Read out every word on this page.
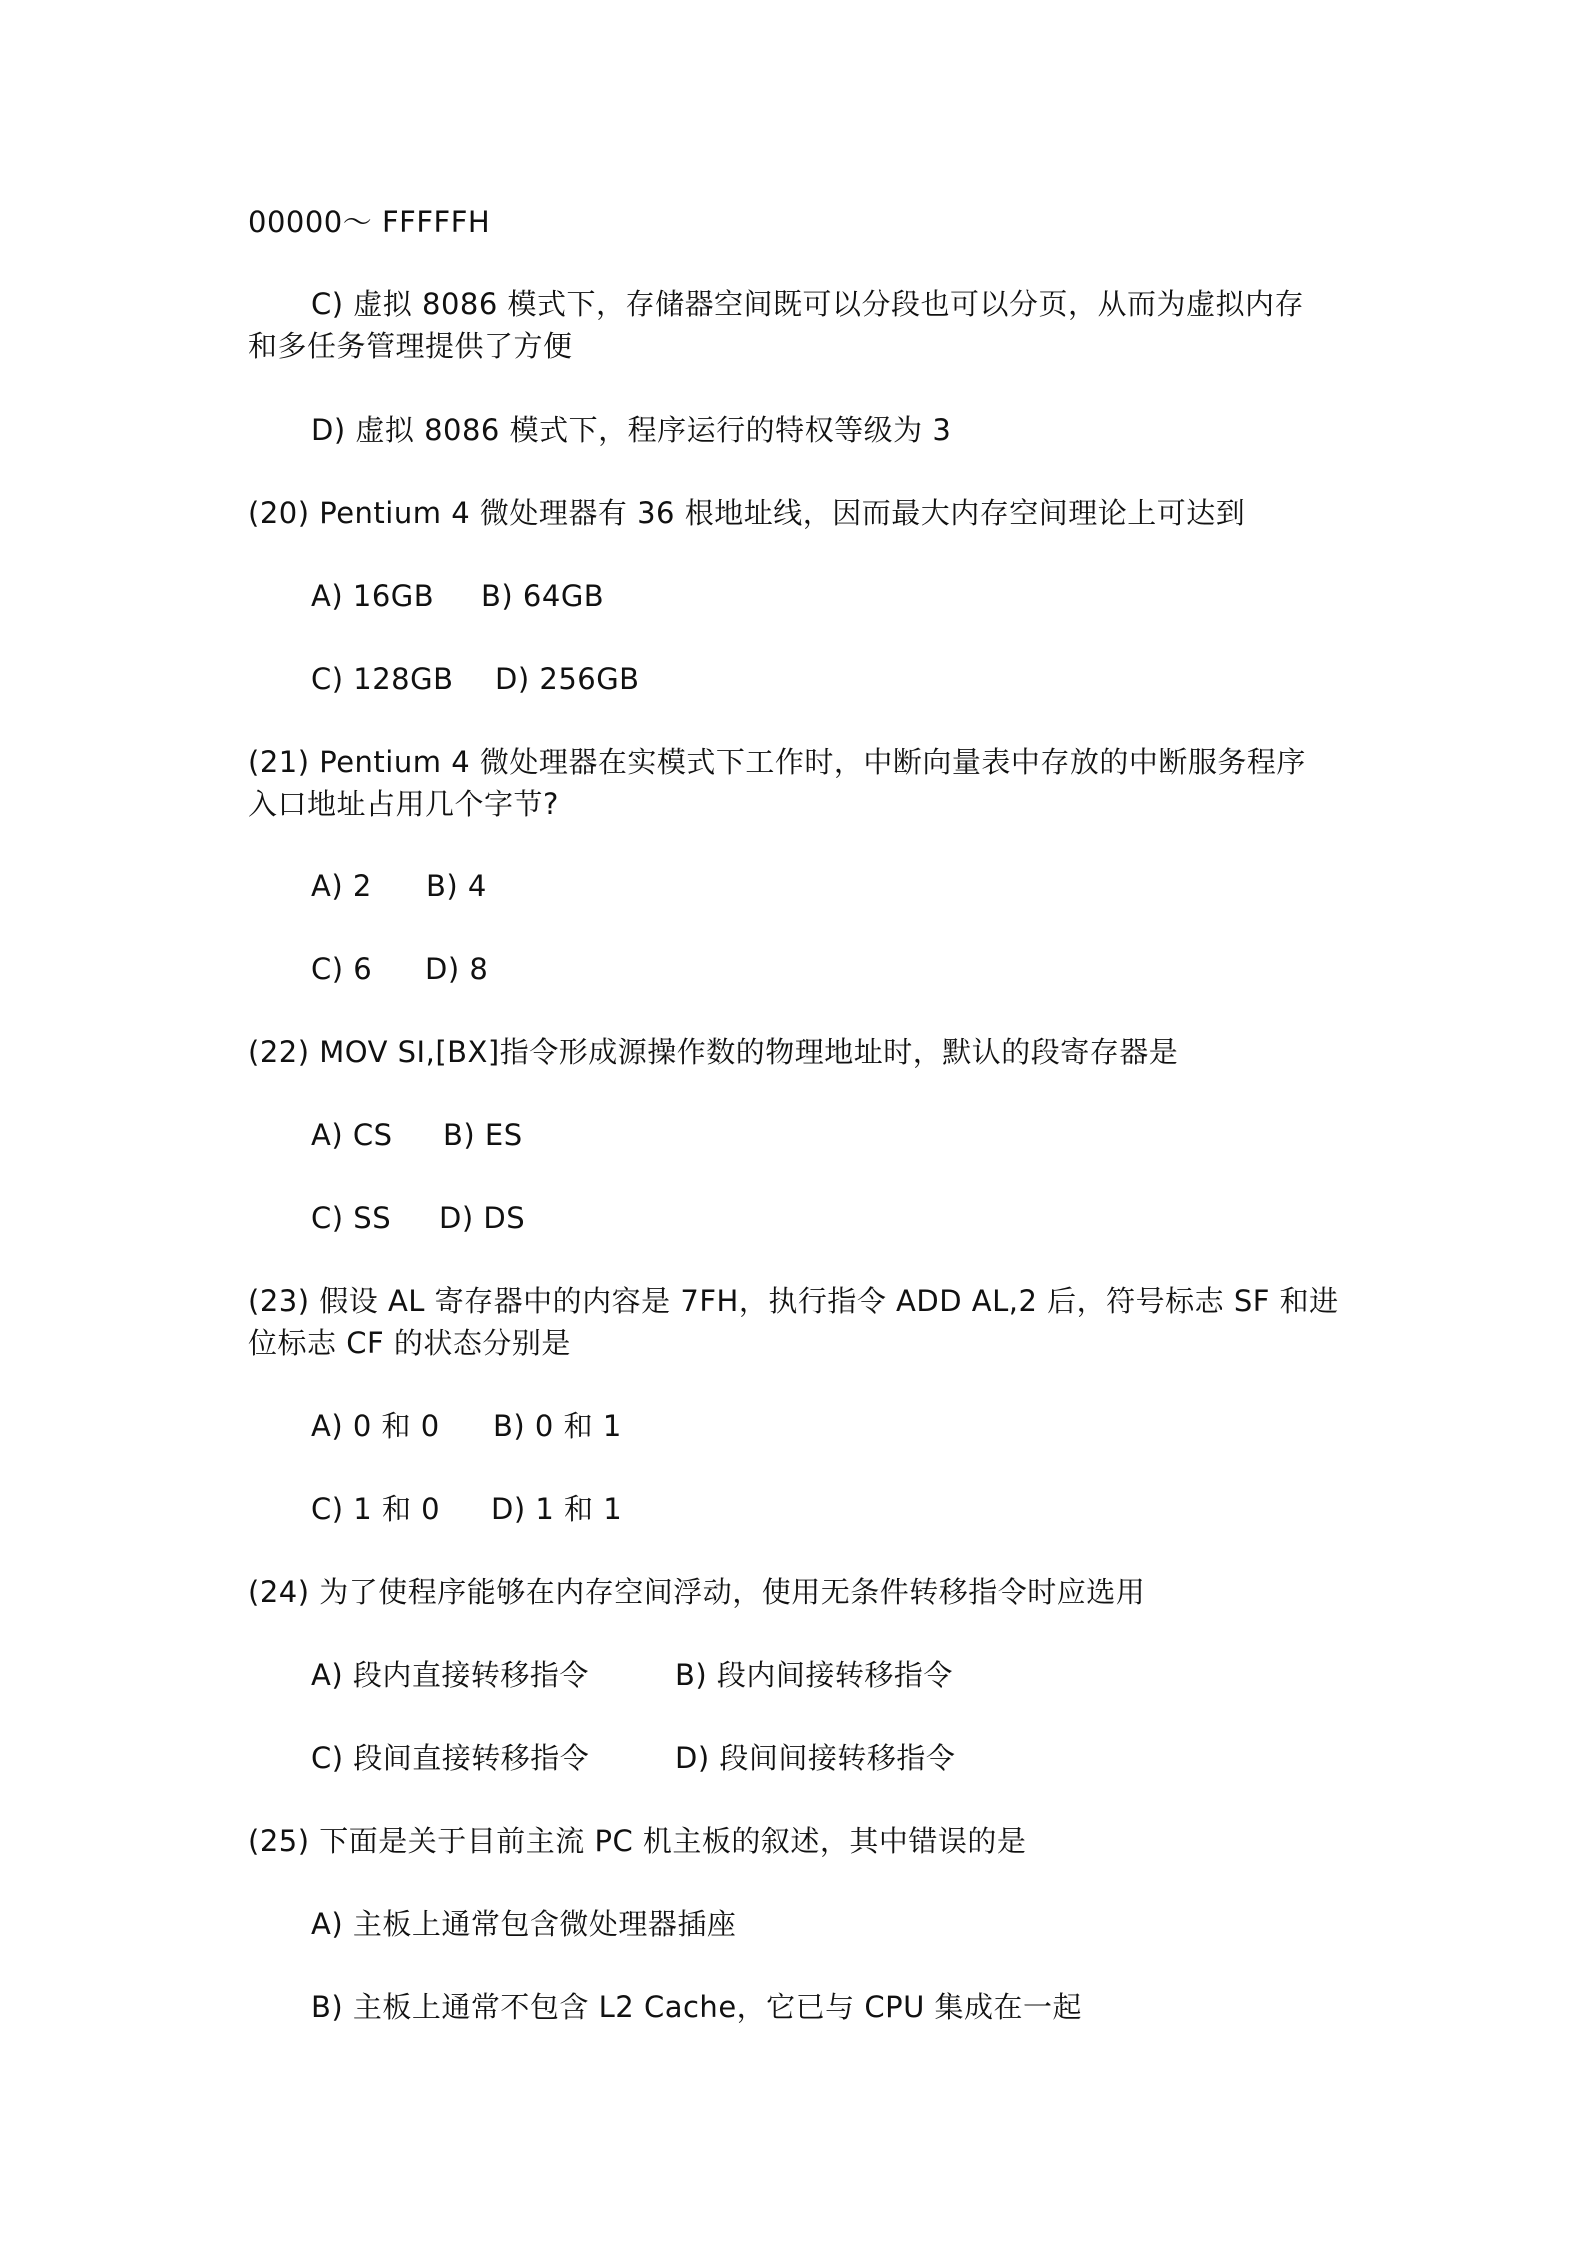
00000～ FFFFFH
C) 虚拟 8086 模式下，存储器空间既可以分段也可以分页，从而为虚拟内存
和多任务管理提供了方便
D) 虚拟 8086 模式下，程序运行的特权等级为 3
(20) Pentium 4 微处理器有 36 根地址线，因而最大内存空间理论上可达到
A) 16GB B) 64GB
C) 128GB D) 256GB
(21) Pentium 4 微处理器在实模式下工作时，中断向量表中存放的中断服务程序
入口地址占用几个字节?
A) 2 B) 4
C) 6 D) 8
(22) MOV SI,[BX]指令形成源操作数的物理地址时，默认的段寄存器是
A) CS B) ES
C) SS D) DS
(23) 假设 AL 寄存器中的内容是 7FH，执行指令 ADD AL,2 后，符号标志 SF 和进
位标志 CF 的状态分别是
A) 0 和 0 B) 0 和 1
C) 1 和 0 D) 1 和 1
(24) 为了使程序能够在内存空间浮动，使用无条件转移指令时应选用
A) 段内直接转移指令	B) 段内间接转移指令
C) 段间直接转移指令	D) 段间间接转移指令
(25) 下面是关于目前主流 PC 机主板的叙述，其中错误的是
A) 主板上通常包含微处理器插座
B) 主板上通常不包含 L2 Cache，它已与 CPU 集成在一起
